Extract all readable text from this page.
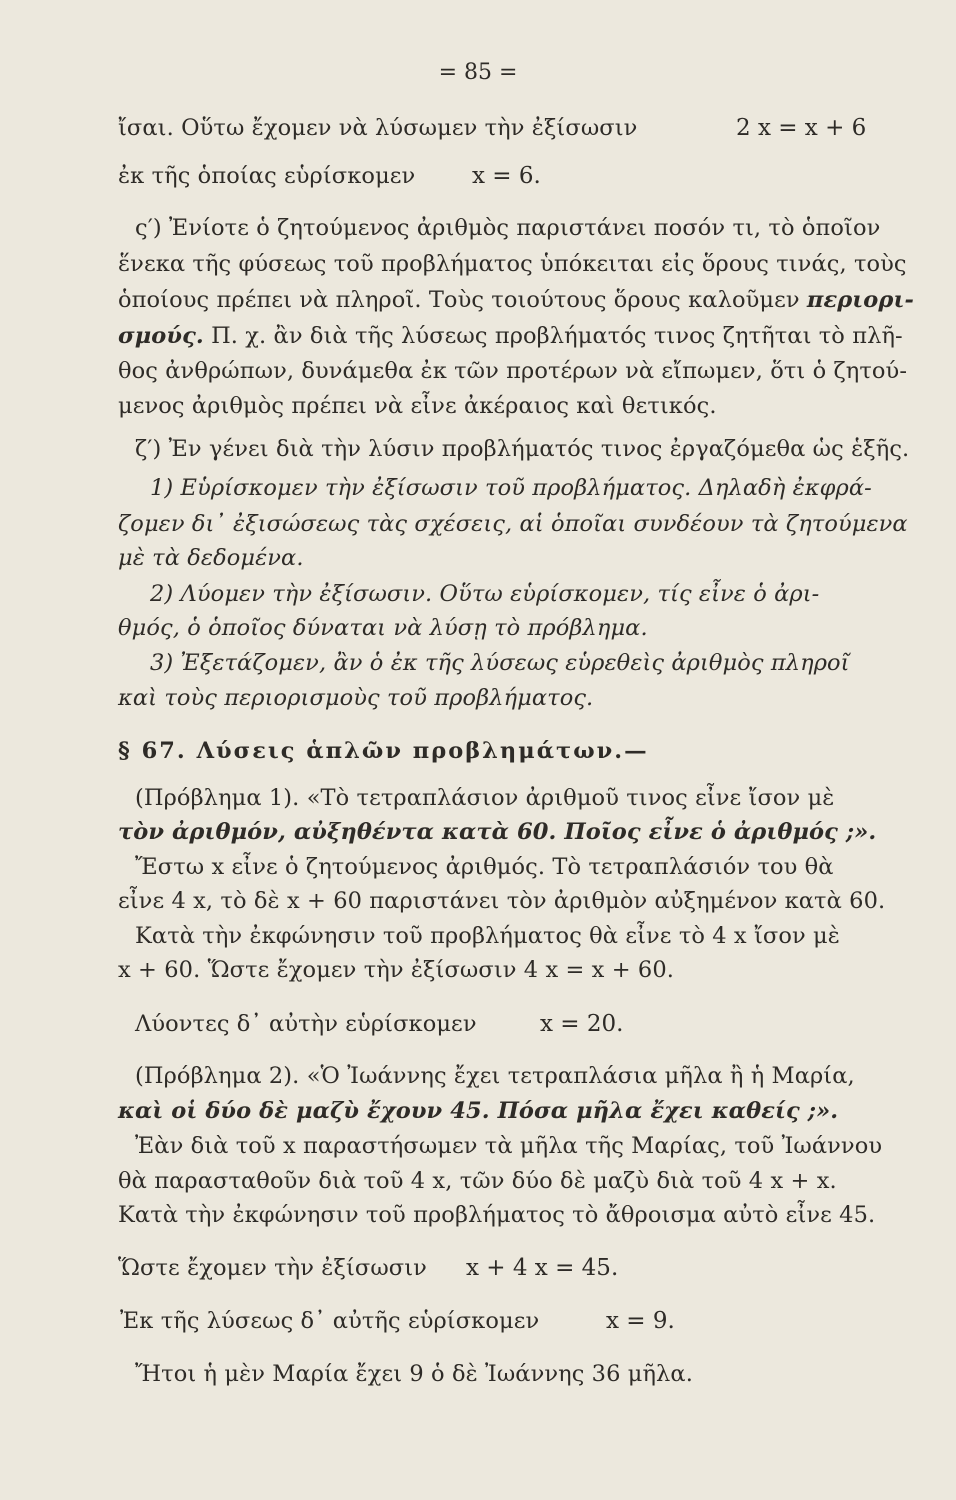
= 85 =
ἴσαι. Οὕτω ἔχομεν νὰ λύσωμεν τὴν ἐξίσωσιν	2 x = x + 6
ἐκ τῆς ὁποίας εὑρίσκομεν	x = 6.
ς′) Ἐνίοτε ὁ ζητούμενος ἀριθμὸς παριστάνει ποσόν τι, τὸ ὁποῖον
ἕνεκα τῆς φύσεως τοῦ προβλήματος ὑπόκειται εἰς ὅρους τινάς, τοὺς
ὁποίους πρέπει νὰ πληροῖ. Τοὺς τοιούτους ὅρους καλοῦμεν περιορι-
σμούς. Π. χ. ἂν διὰ τῆς λύσεως προβλήματός τινος ζητῆται τὸ πλῆ-
θος ἀνθρώπων, δυνάμεθα ἐκ τῶν προτέρων νὰ εἴπωμεν, ὅτι ὁ ζητού-
μενος ἀριθμὸς πρέπει νὰ εἶνε ἀκέραιος καὶ θετικός.
ζ′) Ἐν γένει διὰ τὴν λύσιν προβλήματός τινος ἐργαζόμεθα ὡς ἑξῆς.
1) Εὑρίσκομεν τὴν ἐξίσωσιν τοῦ προβλήματος. Δηλαδὴ ἐκφρά-
ζομεν δι᾿ ἐξισώσεως τὰς σχέσεις, αἱ ὁποῖαι συνδέουν τὰ ζητούμενα
μὲ τὰ δεδομένα.
2) Λύομεν τὴν ἐξίσωσιν. Οὕτω εὑρίσκομεν, τίς εἶνε ὁ ἀρι-
θμός, ὁ ὁποῖος δύναται νὰ λύσῃ τὸ πρόβλημα.
3) Ἐξετάζομεν, ἂν ὁ ἐκ τῆς λύσεως εὑρεθεὶς ἀριθμὸς πληροῖ
καὶ τοὺς περιορισμοὺς τοῦ προβλήματος.
§ 67. Λύσεις ἁπλῶν προβλημάτων.—
(Πρόβλημα 1). «Τὸ τετραπλάσιον ἀριθμοῦ τινος εἶνε ἴσον μὲ
τὸν ἀριθμόν, αὐξηθέντα κατὰ 60. Ποῖος εἶνε ὁ ἀριθμός ;».
Ἔστω x εἶνε ὁ ζητούμενος ἀριθμός. Τὸ τετραπλάσιόν του θὰ
εἶνε 4 x, τὸ δὲ x + 60 παριστάνει τὸν ἀριθμὸν αὐξημένον κατὰ 60.
Κατὰ τὴν ἐκφώνησιν τοῦ προβλήματος θὰ εἶνε τὸ 4 x ἴσον μὲ
x + 60. Ὥστε ἔχομεν τὴν ἐξίσωσιν 4 x = x + 60.
Λύοντες δ᾿ αὐτὴν εὑρίσκομεν	x = 20.
(Πρόβλημα 2). «Ὁ Ἰωάννης ἔχει τετραπλάσια μῆλα ἢ ἡ Μαρία,
καὶ οἱ δύο δὲ μαζὺ ἔχουν 45. Πόσα μῆλα ἔχει καθείς ;».
Ἐὰν διὰ τοῦ x παραστήσωμεν τὰ μῆλα τῆς Μαρίας, τοῦ Ἰωάννου
θὰ παρασταθοῦν διὰ τοῦ 4 x, τῶν δύο δὲ μαζὺ διὰ τοῦ 4 x + x.
Κατὰ τὴν ἐκφώνησιν τοῦ προβλήματος τὸ ἄθροισμα αὐτὸ εἶνε 45.
Ὥστε ἔχομεν τὴν ἐξίσωσιν	x + 4 x = 45.
Ἐκ τῆς λύσεως δ᾿ αὐτῆς εὑρίσκομεν	x = 9.
Ἤτοι ἡ μὲν Μαρία ἔχει 9 ὁ δὲ Ἰωάννης 36 μῆλα.
